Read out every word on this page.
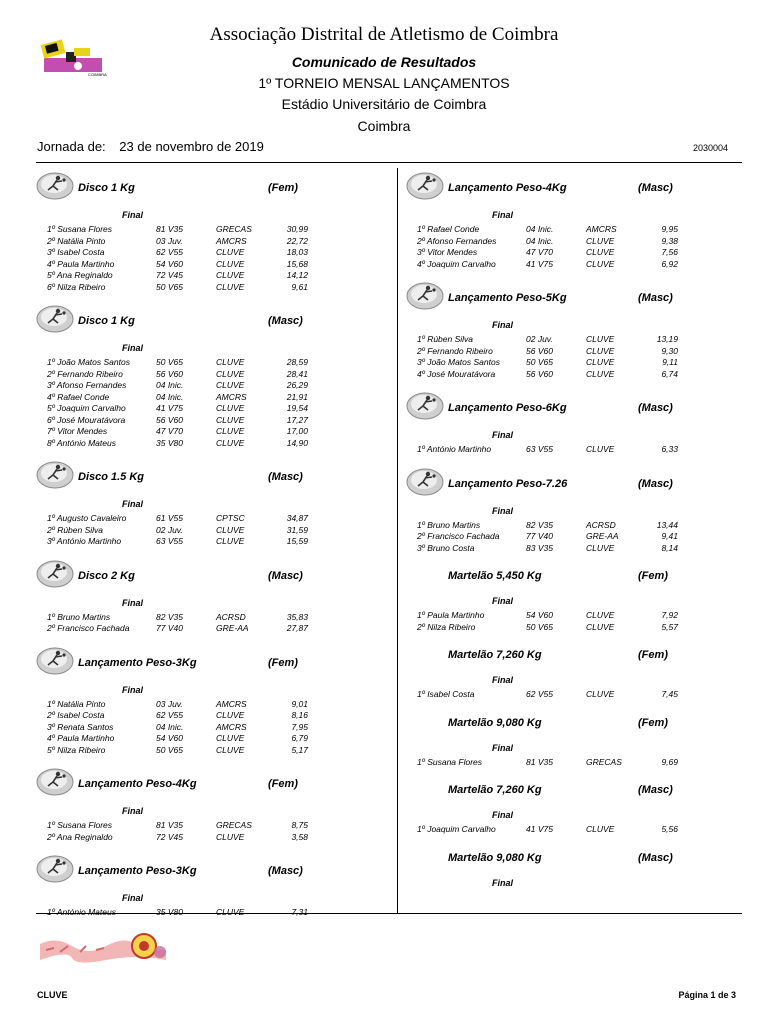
COIMBRA
Associação Distrital de Atletismo de Coimbra
Comunicado de Resultados
1º TORNEIO MENSAL LANÇAMENTOS
Estádio Universitário de Coimbra
Coimbra
Jornada de: 23 de novembro de 2019	2030004
Disco 1 Kg	(Fem)
Final
1º Susana Flores	81 V35	GRECAS	30,99
2º Natália Pinto	03 Juv.	AMCRS	22,72
3º Isabel Costa	62 V55	CLUVE	18,03
4º Paula Martinho	54 V60	CLUVE	15,68
5º Ana Reginaldo	72 V45	CLUVE	14,12
6º Nilza Ribeiro	50 V65	CLUVE	9,61
Disco 1 Kg	(Masc)
Final
1º João Matos Santos	50 V65	CLUVE	28,59
2º Fernando Ribeiro	56 V60	CLUVE	28,41
3º Afonso Fernandes	04 Inic.	CLUVE	26,29
4º Rafael Conde	04 Inic.	AMCRS	21,91
5º Joaquim Carvalho	41 V75	CLUVE	19,54
6º José Mouratávora	56 V60	CLUVE	17,27
7º Vitor Mendes	47 V70	CLUVE	17,00
8º António Mateus	35 V80	CLUVE	14,90
Disco 1.5 Kg	(Masc)
Final
1º Augusto Cavaleiro	61 V55	CPTSC	34,87
2º Rúben Silva	02 Juv.	CLUVE	31,59
3º António Martinho	63 V55	CLUVE	15,59
Disco 2 Kg	(Masc)
Final
1º Bruno Martins	82 V35	ACRSD	35,83
2º Francisco Fachada	77 V40	GRE-AA	27,87
Lançamento Peso-3Kg	(Fem)
Final
1º Natália Pinto	03 Juv.	AMCRS	9,01
2º Isabel Costa	62 V55	CLUVE	8,16
3º Renata Santos	04 Inic.	AMCRS	7,95
4º Paula Martinho	54 V60	CLUVE	6,79
5º Nilza Ribeiro	50 V65	CLUVE	5,17
Lançamento Peso-4Kg	(Fem)
Final
1º Susana Flores	81 V35	GRECAS	8,75
2º Ana Reginaldo	72 V45	CLUVE	3,58
Lançamento Peso-3Kg	(Masc)
Final
1º António Mateus	35 V80	CLUVE	7,31
Lançamento Peso-4Kg	(Masc)
Final
1º Rafael Conde	04 Inic.	AMCRS	9,95
2º Afonso Fernandes	04 Inic.	CLUVE	9,38
3º Vitor Mendes	47 V70	CLUVE	7,56
4º Joaquim Carvalho	41 V75	CLUVE	6,92
Lançamento Peso-5Kg	(Masc)
Final
1º Rúben Silva	02 Juv.	CLUVE	13,19
2º Fernando Ribeiro	56 V60	CLUVE	9,30
3º João Matos Santos	50 V65	CLUVE	9,11
4º José Mouratávora	56 V60	CLUVE	6,74
Lançamento Peso-6Kg	(Masc)
Final
1º António Martinho	63 V55	CLUVE	6,33
Lançamento Peso-7.26	(Masc)
Final
1º Bruno Martins	82 V35	ACRSD	13,44
2º Francisco Fachada	77 V40	GRE-AA	9,41
3º Bruno Costa	83 V35	CLUVE	8,14
Martelão 5,450 Kg	(Fem)
Final
1º Paula Martinho	54 V60	CLUVE	7,92
2º Nilza Ribeiro	50 V65	CLUVE	5,57
Martelão 7,260 Kg	(Fem)
Final
1º Isabel Costa	62 V55	CLUVE	7,45
Martelão 9,080 Kg	(Fem)
Final
1º Susana Flores	81 V35	GRECAS	9,69
Martelão 7,260 Kg	(Masc)
Final
1º Joaquim Carvalho	41 V75	CLUVE	5,56
Martelão 9,080 Kg	(Masc)
Final
CLUVE	Página 1 de 3
